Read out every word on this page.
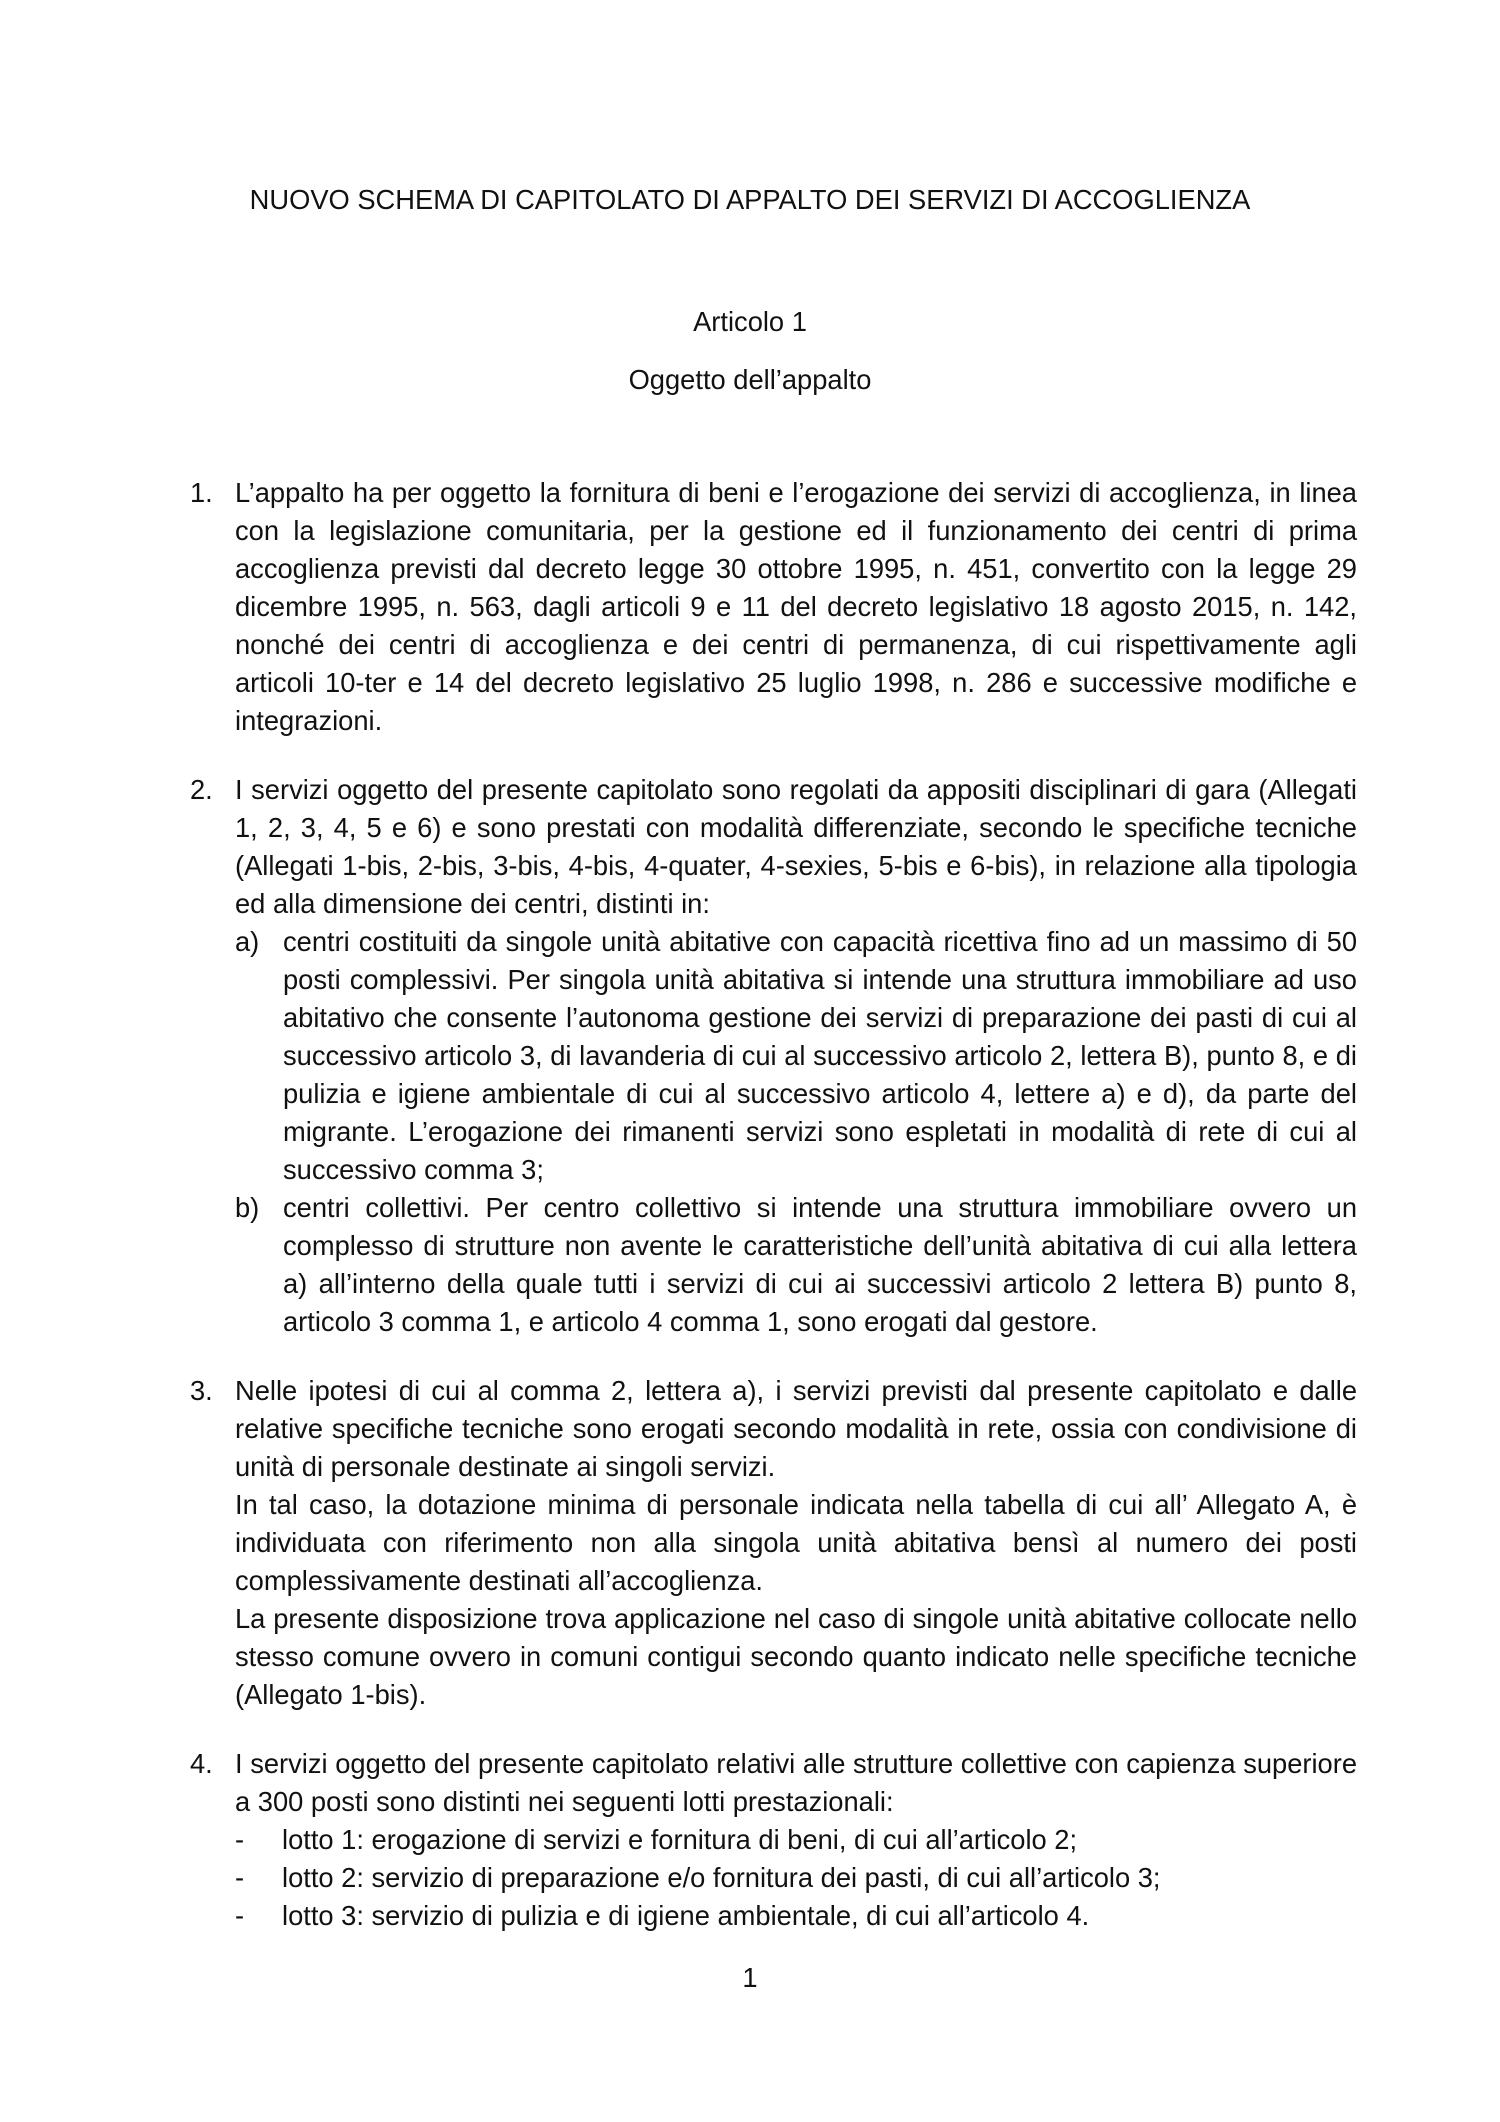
NUOVO SCHEMA DI CAPITOLATO DI APPALTO DEI SERVIZI DI ACCOGLIENZA
Articolo 1
Oggetto dell’appalto
1. L’appalto ha per oggetto la fornitura di beni e l’erogazione dei servizi di accoglienza, in linea con la legislazione comunitaria, per la gestione ed il funzionamento dei centri di prima accoglienza previsti dal decreto legge 30 ottobre 1995, n. 451, convertito con la legge 29 dicembre 1995, n. 563, dagli articoli 9 e 11 del decreto legislativo 18 agosto 2015, n. 142, nonché dei centri di accoglienza e dei centri di permanenza, di cui rispettivamente agli articoli 10-ter e 14 del decreto legislativo 25 luglio 1998, n. 286 e successive modifiche e integrazioni.
2. I servizi oggetto del presente capitolato sono regolati da appositi disciplinari di gara (Allegati 1, 2, 3, 4, 5 e 6) e sono prestati con modalità differenziate, secondo le specifiche tecniche (Allegati 1-bis, 2-bis, 3-bis, 4-bis, 4-quater, 4-sexies, 5-bis e 6-bis), in relazione alla tipologia ed alla dimensione dei centri, distinti in:
a) centri costituiti da singole unità abitative con capacità ricettiva fino ad un massimo di 50 posti complessivi. Per singola unità abitativa si intende una struttura immobiliare ad uso abitativo che consente l’autonoma gestione dei servizi di preparazione dei pasti di cui al successivo articolo 3, di lavanderia di cui al successivo articolo 2, lettera B), punto 8, e di pulizia e igiene ambientale di cui al successivo articolo 4, lettere a) e d), da parte del migrante. L’erogazione dei rimanenti servizi sono espletati in modalità di rete di cui al successivo comma 3;
b) centri collettivi. Per centro collettivo si intende una struttura immobiliare ovvero un complesso di strutture non avente le caratteristiche dell’unità abitativa di cui alla lettera a) all’interno della quale tutti i servizi di cui ai successivi articolo 2 lettera B) punto 8, articolo 3 comma 1, e articolo 4 comma 1, sono erogati dal gestore.
3. Nelle ipotesi di cui al comma 2, lettera a), i servizi previsti dal presente capitolato e dalle relative specifiche tecniche sono erogati secondo modalità in rete, ossia con condivisione di unità di personale destinate ai singoli servizi.
In tal caso, la dotazione minima di personale indicata nella tabella di cui all’ Allegato A, è individuata con riferimento non alla singola unità abitativa bensì al numero dei posti complessivamente destinati all’accoglienza.
La presente disposizione trova applicazione nel caso di singole unità abitative collocate nello stesso comune ovvero in comuni contigui secondo quanto indicato nelle specifiche tecniche (Allegato 1-bis).
4. I servizi oggetto del presente capitolato relativi alle strutture collettive con capienza superiore a 300 posti sono distinti nei seguenti lotti prestazionali:
-	lotto 1: erogazione di servizi e fornitura di beni, di cui all’articolo 2;
-	lotto 2: servizio di preparazione e/o fornitura dei pasti, di cui all’articolo 3;
-	lotto 3: servizio di pulizia e di igiene ambientale, di cui all’articolo 4.
1
